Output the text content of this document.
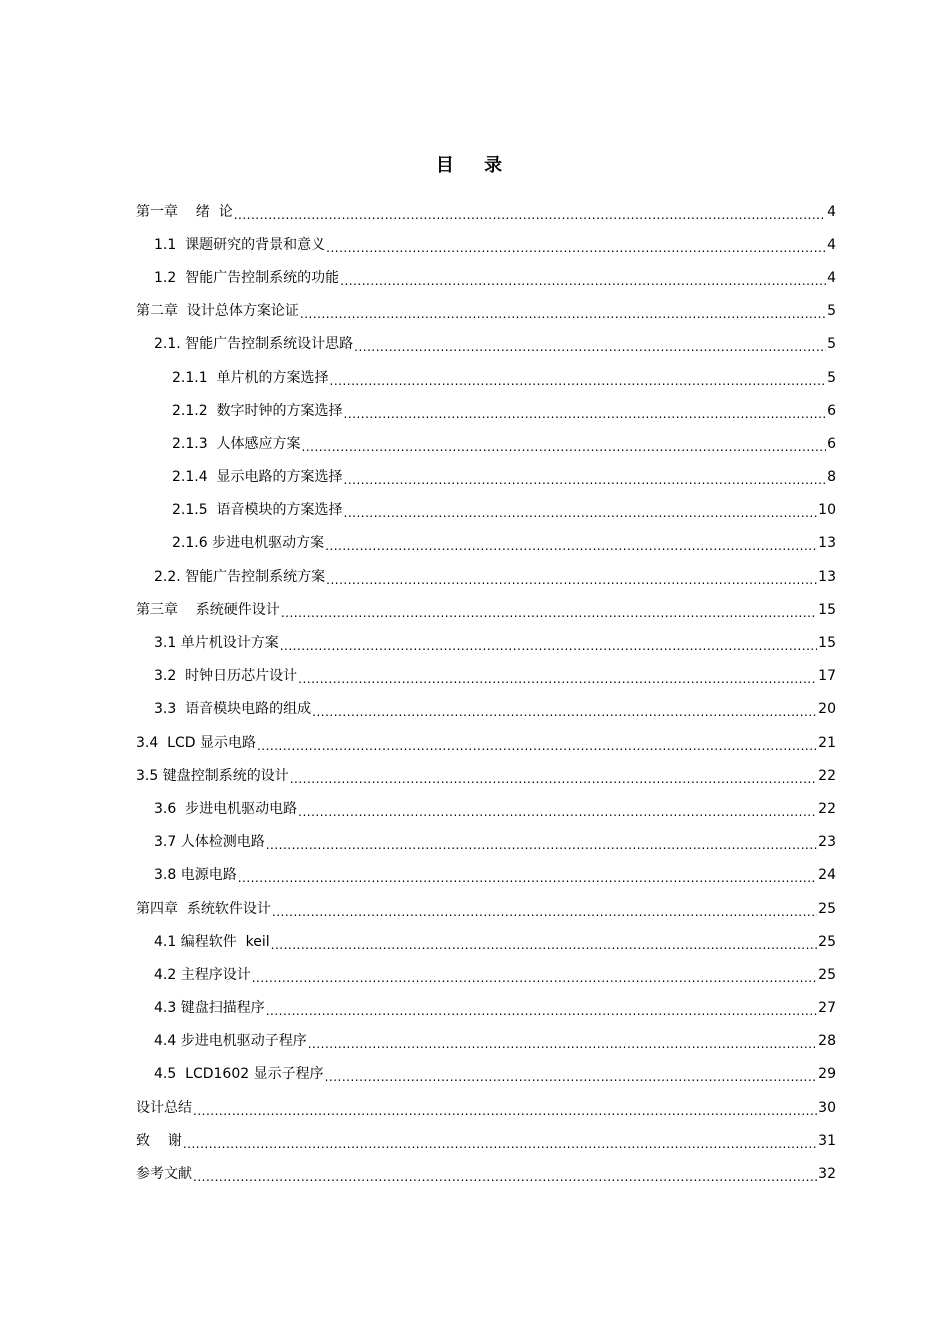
目 录
第一章    绪  论 .....	4
1.1  课题研究的背景和意义 .....	4
1.2  智能广告控制系统的功能 .....	4
第二章  设计总体方案论证 .....	5
2.1. 智能广告控制系统设计思路 .....	5
2.1.1  单片机的方案选择 .....	5
2.1.2  数字时钟的方案选择 .....	6
2.1.3  人体感应方案 .....	6
2.1.4  显示电路的方案选择 .....	8
2.1.5  语音模块的方案选择 .....	10
2.1.6 步进电机驱动方案 .....	13
2.2. 智能广告控制系统方案 .....	13
第三章    系统硬件设计 .....	15
3.1 单片机设计方案 .....	15
3.2  时钟日历芯片设计 .....	17
3.3  语音模块电路的组成 .....	20
3.4  LCD 显示电路 .....	21
3.5 键盘控制系统的设计 .....	22
3.6  步进电机驱动电路 .....	22
3.7 人体检测电路 .....	23
3.8 电源电路 .....	24
第四章  系统软件设计 .....	25
4.1 编程软件  keil .....	25
4.2 主程序设计 .....	25
4.3 键盘扫描程序 .....	27
4.4 步进电机驱动子程序 .....	28
4.5  LCD1602 显示子程序 .....	29
设计总结 .....	30
致    谢 .....	31
参考文献 .....	32
